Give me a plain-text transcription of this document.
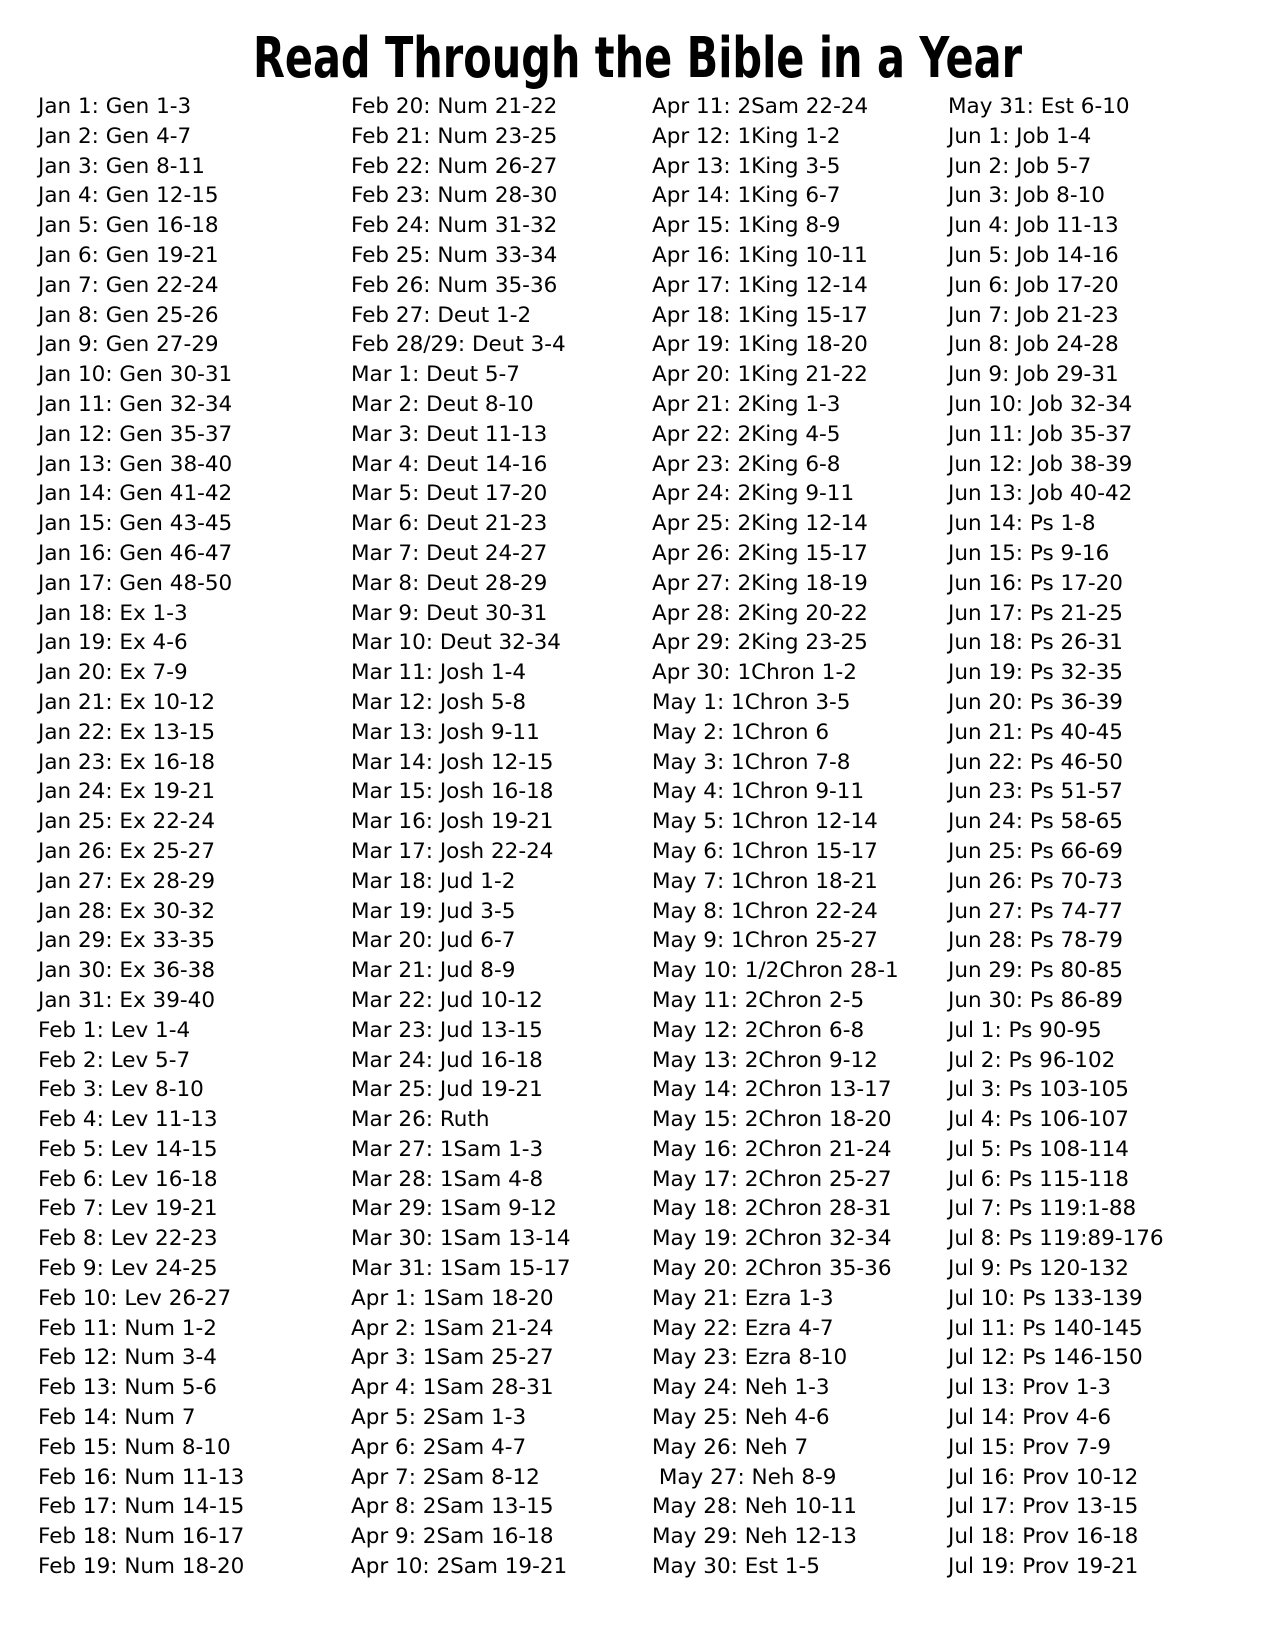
Read Through the Bible in a Year
Jan 1: Gen 1-3
Jan 2: Gen 4-7
Jan 3: Gen 8-11
Jan 4: Gen 12-15
Jan 5: Gen 16-18
Jan 6: Gen 19-21
Jan 7: Gen 22-24
Jan 8: Gen 25-26
Jan 9: Gen 27-29
Jan 10: Gen 30-31
Jan 11: Gen 32-34
Jan 12: Gen 35-37
Jan 13: Gen 38-40
Jan 14: Gen 41-42
Jan 15: Gen 43-45
Jan 16: Gen 46-47
Jan 17: Gen 48-50
Jan 18: Ex 1-3
Jan 19: Ex 4-6
Jan 20: Ex 7-9
Jan 21: Ex 10-12
Jan 22: Ex 13-15
Jan 23: Ex 16-18
Jan 24: Ex 19-21
Jan 25: Ex 22-24
Jan 26: Ex 25-27
Jan 27: Ex 28-29
Jan 28: Ex 30-32
Jan 29: Ex 33-35
Jan 30: Ex 36-38
Jan 31: Ex 39-40
Feb 1: Lev 1-4
Feb 2: Lev 5-7
Feb 3: Lev 8-10
Feb 4: Lev 11-13
Feb 5: Lev 14-15
Feb 6: Lev 16-18
Feb 7: Lev 19-21
Feb 8: Lev 22-23
Feb 9: Lev 24-25
Feb 10: Lev 26-27
Feb 11: Num 1-2
Feb 12: Num 3-4
Feb 13: Num 5-6
Feb 14: Num 7
Feb 15: Num 8-10
Feb 16: Num 11-13
Feb 17: Num 14-15
Feb 18: Num 16-17
Feb 19: Num 18-20
Feb 20: Num 21-22
Feb 21: Num 23-25
Feb 22: Num 26-27
Feb 23: Num 28-30
Feb 24: Num 31-32
Feb 25: Num 33-34
Feb 26: Num 35-36
Feb 27: Deut 1-2
Feb 28/29: Deut 3-4
Mar 1: Deut 5-7
Mar 2: Deut 8-10
Mar 3: Deut 11-13
Mar 4: Deut 14-16
Mar 5: Deut 17-20
Mar 6: Deut 21-23
Mar 7: Deut 24-27
Mar 8: Deut 28-29
Mar 9: Deut 30-31
Mar 10: Deut 32-34
Mar 11: Josh 1-4
Mar 12: Josh 5-8
Mar 13: Josh 9-11
Mar 14: Josh 12-15
Mar 15: Josh 16-18
Mar 16: Josh 19-21
Mar 17: Josh 22-24
Mar 18: Jud 1-2
Mar 19: Jud 3-5
Mar 20: Jud 6-7
Mar 21: Jud 8-9
Mar 22: Jud 10-12
Mar 23: Jud 13-15
Mar 24: Jud 16-18
Mar 25: Jud 19-21
Mar 26: Ruth
Mar 27: 1Sam 1-3
Mar 28: 1Sam 4-8
Mar 29: 1Sam 9-12
Mar 30: 1Sam 13-14
Mar 31: 1Sam 15-17
Apr 1: 1Sam 18-20
Apr 2: 1Sam 21-24
Apr 3: 1Sam 25-27
Apr 4: 1Sam 28-31
Apr 5: 2Sam 1-3
Apr 6: 2Sam 4-7
Apr 7: 2Sam 8-12
Apr 8: 2Sam 13-15
Apr 9: 2Sam 16-18
Apr 10: 2Sam 19-21
Apr 11: 2Sam 22-24
Apr 12: 1King 1-2
Apr 13: 1King 3-5
Apr 14: 1King 6-7
Apr 15: 1King 8-9
Apr 16: 1King 10-11
Apr 17: 1King 12-14
Apr 18: 1King 15-17
Apr 19: 1King 18-20
Apr 20: 1King 21-22
Apr 21: 2King 1-3
Apr 22: 2King 4-5
Apr 23: 2King 6-8
Apr 24: 2King 9-11
Apr 25: 2King 12-14
Apr 26: 2King 15-17
Apr 27: 2King 18-19
Apr 28: 2King 20-22
Apr 29: 2King 23-25
Apr 30: 1Chron 1-2
May 1: 1Chron 3-5
May 2: 1Chron 6
May 3: 1Chron 7-8
May 4: 1Chron 9-11
May 5: 1Chron 12-14
May 6: 1Chron 15-17
May 7: 1Chron 18-21
May 8: 1Chron 22-24
May 9: 1Chron 25-27
May 10: 1/2Chron 28-1
May 11: 2Chron 2-5
May 12: 2Chron 6-8
May 13: 2Chron 9-12
May 14: 2Chron 13-17
May 15: 2Chron 18-20
May 16: 2Chron 21-24
May 17: 2Chron 25-27
May 18: 2Chron 28-31
May 19: 2Chron 32-34
May 20: 2Chron 35-36
May 21: Ezra 1-3
May 22: Ezra 4-7
May 23: Ezra 8-10
May 24: Neh 1-3
May 25: Neh 4-6
May 26: Neh 7
May 27: Neh 8-9
May 28: Neh 10-11
May 29: Neh 12-13
May 30: Est 1-5
May 31: Est 6-10
Jun 1: Job 1-4
Jun 2: Job 5-7
Jun 3: Job 8-10
Jun 4: Job 11-13
Jun 5: Job 14-16
Jun 6: Job 17-20
Jun 7: Job 21-23
Jun 8: Job 24-28
Jun 9: Job 29-31
Jun 10: Job 32-34
Jun 11: Job 35-37
Jun 12: Job 38-39
Jun 13: Job 40-42
Jun 14: Ps 1-8
Jun 15: Ps 9-16
Jun 16: Ps 17-20
Jun 17: Ps 21-25
Jun 18: Ps 26-31
Jun 19: Ps 32-35
Jun 20: Ps 36-39
Jun 21: Ps 40-45
Jun 22: Ps 46-50
Jun 23: Ps 51-57
Jun 24: Ps 58-65
Jun 25: Ps 66-69
Jun 26: Ps 70-73
Jun 27: Ps 74-77
Jun 28: Ps 78-79
Jun 29: Ps 80-85
Jun 30: Ps 86-89
Jul 1: Ps 90-95
Jul 2: Ps 96-102
Jul 3: Ps 103-105
Jul 4: Ps 106-107
Jul 5: Ps 108-114
Jul 6: Ps 115-118
Jul 7: Ps 119:1-88
Jul 8: Ps 119:89-176
Jul 9: Ps 120-132
Jul 10: Ps 133-139
Jul 11: Ps 140-145
Jul 12: Ps 146-150
Jul 13: Prov 1-3
Jul 14: Prov 4-6
Jul 15: Prov 7-9
Jul 16: Prov 10-12
Jul 17: Prov 13-15
Jul 18: Prov 16-18
Jul 19: Prov 19-21
